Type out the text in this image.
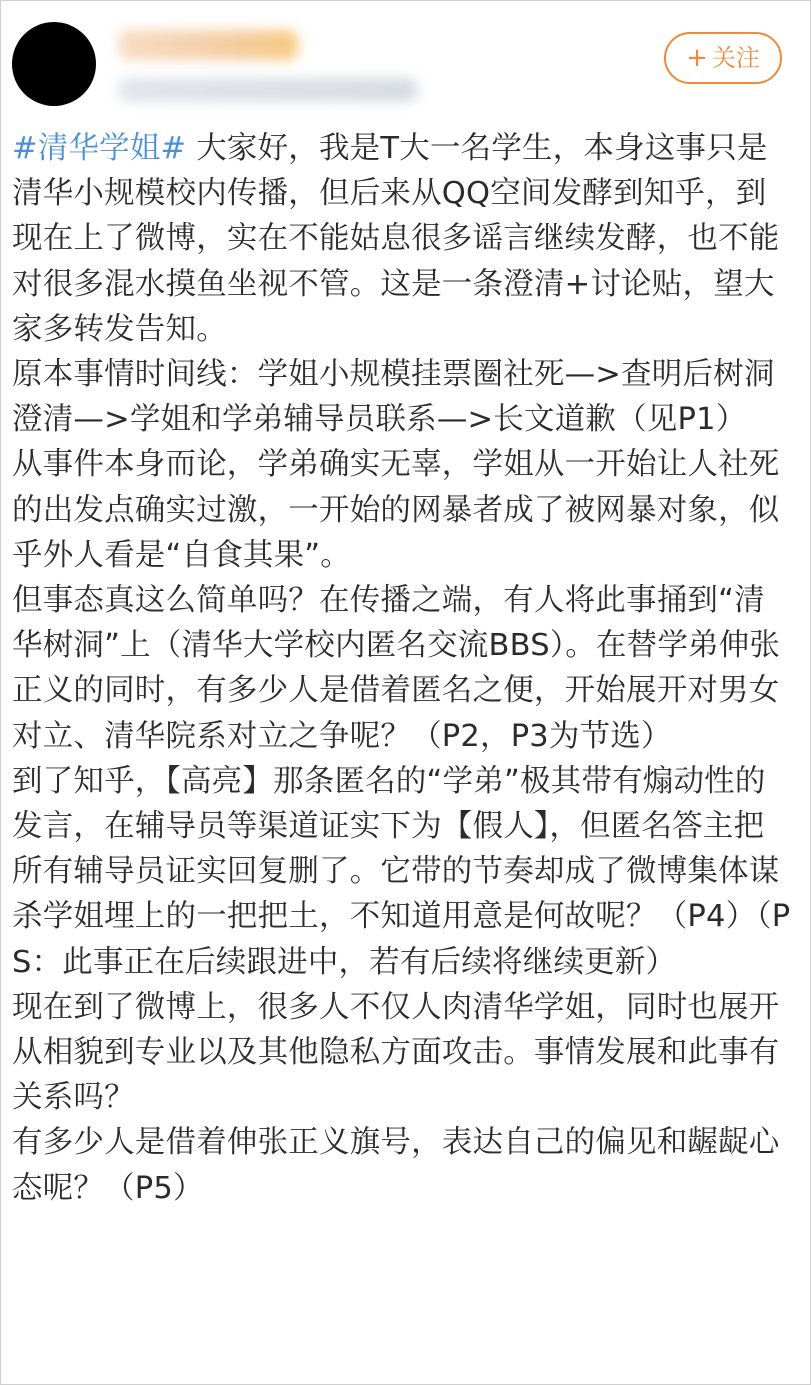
+ 关注
#清华学姐# 大家好，我是T大一名学生，本身这事只是清华小规模校内传播，但后来从QQ空间发酵到知乎，到现在上了微博，实在不能姑息很多谣言继续发酵，也不能对很多混水摸鱼坐视不管。这是一条澄清+讨论贴，望大家多转发告知。
原本事情时间线：学姐小规模挂票圈社死—>查明后树洞澄清—>学姐和学弟辅导员联系—>长文道歉（见P1）
从事件本身而论，学弟确实无辜，学姐从一开始让人社死的出发点确实过激，一开始的网暴者成了被网暴对象，似乎外人看是“自食其果”。
但事态真这么简单吗？在传播之端，有人将此事捅到“清华树洞”上（清华大学校内匿名交流BBS）。在替学弟伸张正义的同时，有多少人是借着匿名之便，开始展开对男女对立、清华院系对立之争呢？（P2，P3为节选）
到了知乎，【高亮】那条匿名的“学弟”极其带有煽动性的发言，在辅导员等渠道证实下为【假人】，但匿名答主把所有辅导员证实回复删了。它带的节奏却成了微博集体谋杀学姐埋上的一把把土，不知道用意是何故呢？（P4）（PS：此事正在后续跟进中，若有后续将继续更新）
现在到了微博上，很多人不仅人肉清华学姐，同时也展开从相貌到专业以及其他隐私方面攻击。事情发展和此事有关系吗？
有多少人是借着伸张正义旗号，表达自己的偏见和龌龊心态呢？（P5）
